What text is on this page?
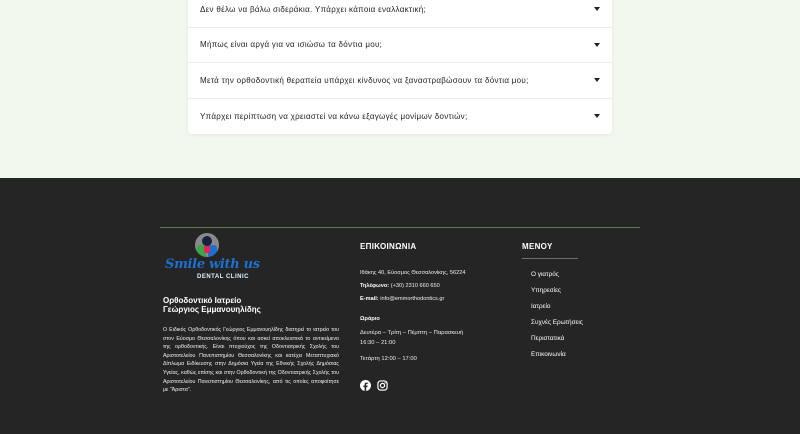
Δεν θέλω να βάλω σιδεράκια. Υπάρχει κάποια εναλλακτική;
Μήπως είναι αργά για να ισιώσω τα δόντια μου;
Μετά την ορθοδοντική θεραπεία υπάρχει κίνδυνος να ξαναστραβώσουν τα δόντια μου;
Υπάρχει περίπτωση να χρειαστεί να κάνω εξαγωγές μονίμων δοντιών;
Smile with us
DENTAL CLINIC
Ορθοδοντικό Ιατρείο
Γεώργιος Εμμανουηλίδης

Ο Ειδικός Ορθοδοντικός Γεώργιος Εμμανουηλίδης διατηρεί το ιατρείο του στον Εύοσμο Θεσσαλονίκης όπου και ασκεί αποκλειστικά το αντικείμενο της ορθοδοντικής. Είναι πτυχιούχος της Οδοντιατρικής Σχολής του Αριστοτελείου Πανεπιστημίου Θεσσαλονίκης και κατέχει Μεταπτυχιακό Δίπλωμα Ειδίκευσης στην Δημόσια Υγεία της Εθνικής Σχολής Δημόσιας Υγείας, καθώς επίσης και στην Ορθοδοντική της Οδοντιατρικής Σχολής του Αριστοτελείου Πανεπιστημίου Θεσσαλονίκης, από τις οποίες αποφοίτησε με "Άριστα".

ΕΠΙΚΟΙΝΩΝΙΑ
Ιθάκης 40, Εύοσμος Θεσσαλονίκης, 56224
Τηλέφωνο: (+30) 2310 660 650
E-mail: info@emmorthodontics.gr
Ωράριο
Δευτέρα – Τρίτη – Πέμπτη – Παρασκευή
16:30 – 21:00
Τετάρτη 12:00 – 17:00
ΜΕΝΟΥ
Ο γιατρός
Υπηρεσίες
Ιατρείο
Συχνές Ερωτήσεις
Περιστατικά
Επικοινωνία
